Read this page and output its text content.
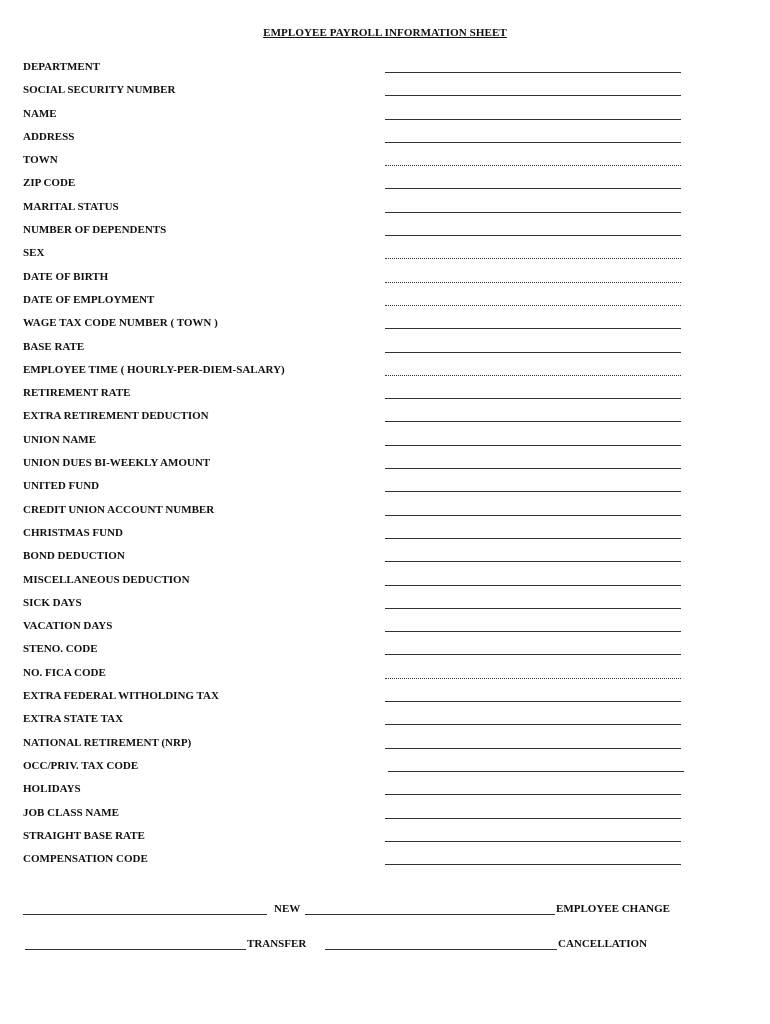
EMPLOYEE PAYROLL INFORMATION SHEET
DEPARTMENT
SOCIAL SECURITY NUMBER
NAME
ADDRESS
TOWN
ZIP CODE
MARITAL STATUS
NUMBER OF DEPENDENTS
SEX
DATE OF BIRTH
DATE OF EMPLOYMENT
WAGE TAX CODE NUMBER ( TOWN )
BASE RATE
EMPLOYEE TIME ( HOURLY-PER-DIEM-SALARY)
RETIREMENT RATE
EXTRA RETIREMENT DEDUCTION
UNION NAME
UNION DUES BI-WEEKLY AMOUNT
UNITED FUND
CREDIT UNION ACCOUNT NUMBER
CHRISTMAS FUND
BOND DEDUCTION
MISCELLANEOUS DEDUCTION
SICK DAYS
VACATION DAYS
STENO. CODE
NO. FICA CODE
EXTRA FEDERAL WITHOLDING TAX
EXTRA STATE TAX
NATIONAL RETIREMENT (NRP)
OCC/PRIV. TAX CODE
HOLIDAYS
JOB CLASS NAME
STRAIGHT BASE RATE
COMPENSATION CODE
NEW	EMPLOYEE CHANGE
TRANSFER	CANCELLATION
